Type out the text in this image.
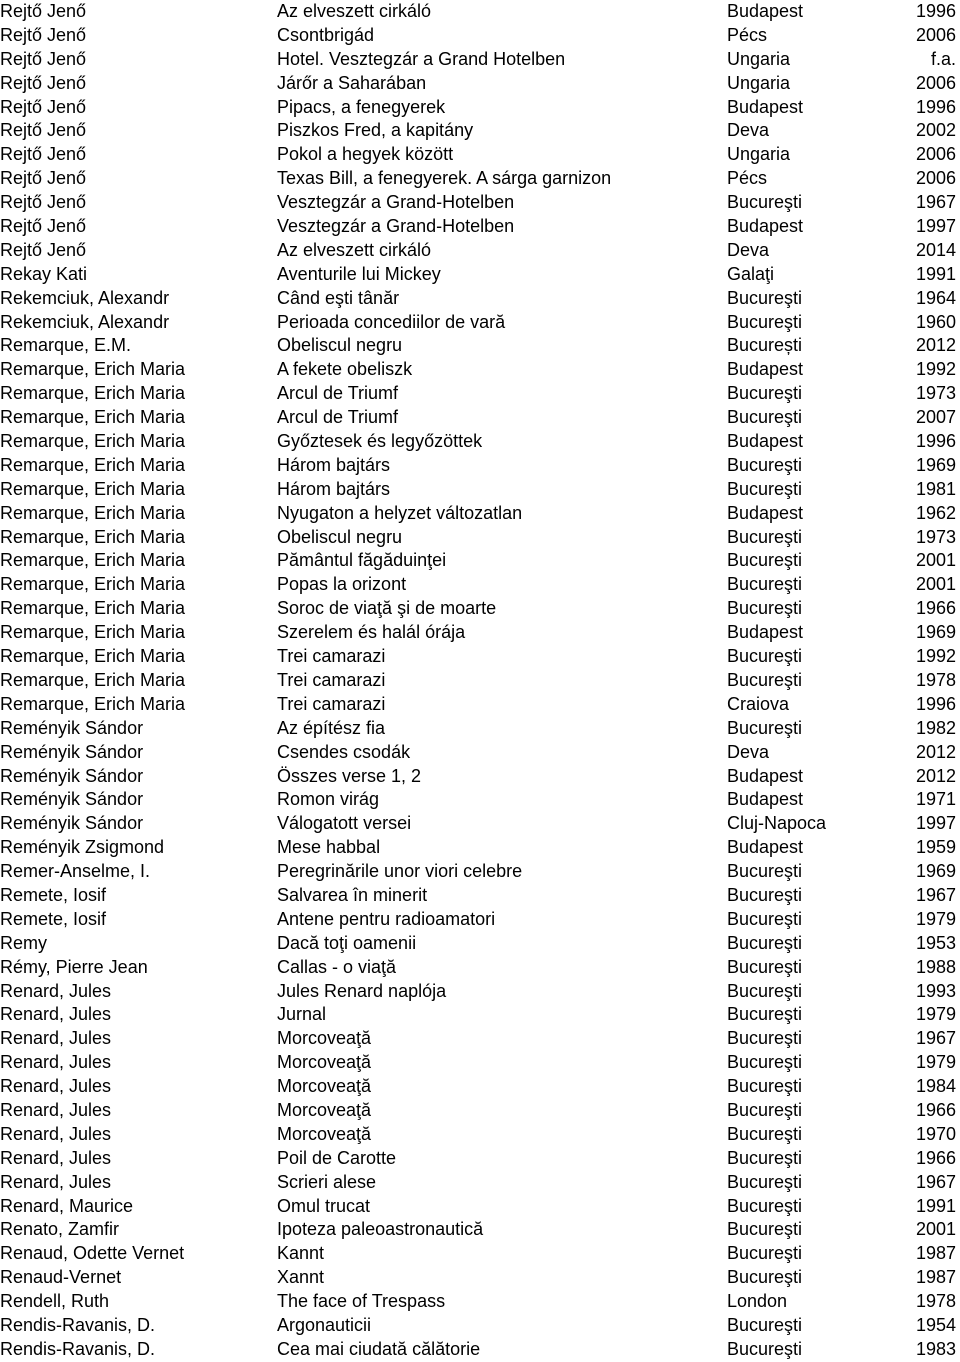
Rejtő Jenő	Az elveszett cirkáló	Budapest	1996
Rejtő Jenő	Csontbrigád	Pécs	2006
Rejtő Jenő	Hotel. Vesztegzár a Grand Hotelben	Ungaria	f.a.
Rejtő Jenő	Járőr a Saharában	Ungaria	2006
Rejtő Jenő	Pipacs, a fenegyerek	Budapest	1996
Rejtő Jenő	Piszkos Fred, a kapitány	Deva	2002
Rejtő Jenő	Pokol a hegyek között	Ungaria	2006
Rejtő Jenő	Texas Bill, a fenegyerek. A sárga garnizon	Pécs	2006
Rejtő Jenő	Vesztegzár a Grand-Hotelben	Bucureşti	1967
Rejtő Jenő	Vesztegzár a Grand-Hotelben	Budapest	1997
Rejtő Jenő	Az elveszett cirkáló	Deva	2014
Rekay Kati	Aventurile lui Mickey	Galaţi	1991
Rekemciuk, Alexandr	Când eşti tânăr	Bucureşti	1964
Rekemciuk, Alexandr	Perioada concediilor de vară	Bucureşti	1960
Remarque, E.M.	Obeliscul negru	București	2012
Remarque, Erich Maria	A fekete obeliszk	Budapest	1992
Remarque, Erich Maria	Arcul de Triumf	Bucureşti	1973
Remarque, Erich Maria	Arcul de Triumf	Bucureşti	2007
Remarque, Erich Maria	Győztesek és legyőzöttek	Budapest	1996
Remarque, Erich Maria	Három bajtárs	Bucureşti	1969
Remarque, Erich Maria	Három bajtárs	Bucureşti	1981
Remarque, Erich Maria	Nyugaton a helyzet változatlan	Budapest	1962
Remarque, Erich Maria	Obeliscul negru	Bucureşti	1973
Remarque, Erich Maria	Pământul făgăduinţei	Bucureşti	2001
Remarque, Erich Maria	Popas la orizont	Bucureşti	2001
Remarque, Erich Maria	Soroc de viaţă şi de moarte	Bucureşti	1966
Remarque, Erich Maria	Szerelem és halál órája	Budapest	1969
Remarque, Erich Maria	Trei camarazi	Bucureşti	1992
Remarque, Erich Maria	Trei camarazi	Bucureşti	1978
Remarque, Erich Maria	Trei camarazi	Craiova	1996
Reményik Sándor	Az építész fia	Bucureşti	1982
Reményik Sándor	Csendes csodák	Deva	2012
Reményik Sándor	Összes verse 1, 2	Budapest	2012
Reményik Sándor	Romon virág	Budapest	1971
Reményik Sándor	Válogatott versei	Cluj-Napoca	1997
Reményik Zsigmond	Mese habbal	Budapest	1959
Remer-Anselme, I.	Peregrinările unor viori celebre	Bucureşti	1969
Remete, Iosif	Salvarea în minerit	Bucureşti	1967
Remete, Iosif	Antene pentru radioamatori	Bucureşti	1979
Remy	Dacă toţi oamenii	Bucureşti	1953
Rémy, Pierre Jean	Callas - o viaţă	Bucureşti	1988
Renard, Jules	Jules Renard naplója	Bucureşti	1993
Renard, Jules	Jurnal	Bucureşti	1979
Renard, Jules	Morcoveaţă	Bucureşti	1967
Renard, Jules	Morcoveaţă	Bucureşti	1979
Renard, Jules	Morcoveaţă	Bucureşti	1984
Renard, Jules	Morcoveaţă	Bucureşti	1966
Renard, Jules	Morcoveaţă	Bucureşti	1970
Renard, Jules	Poil de Carotte	Bucureşti	1966
Renard, Jules	Scrieri alese	Bucureşti	1967
Renard, Maurice	Omul trucat	Bucureşti	1991
Renato, Zamfir	Ipoteza paleoastronautică	Bucureşti	2001
Renaud, Odette Vernet	Kannt	Bucureşti	1987
Renaud-Vernet	Xannt	Bucureşti	1987
Rendell, Ruth	The face of Trespass	London	1978
Rendis-Ravanis, D.	Argonauticii	Bucureşti	1954
Rendis-Ravanis, D.	Cea mai ciudată călătorie	Bucureşti	1983
